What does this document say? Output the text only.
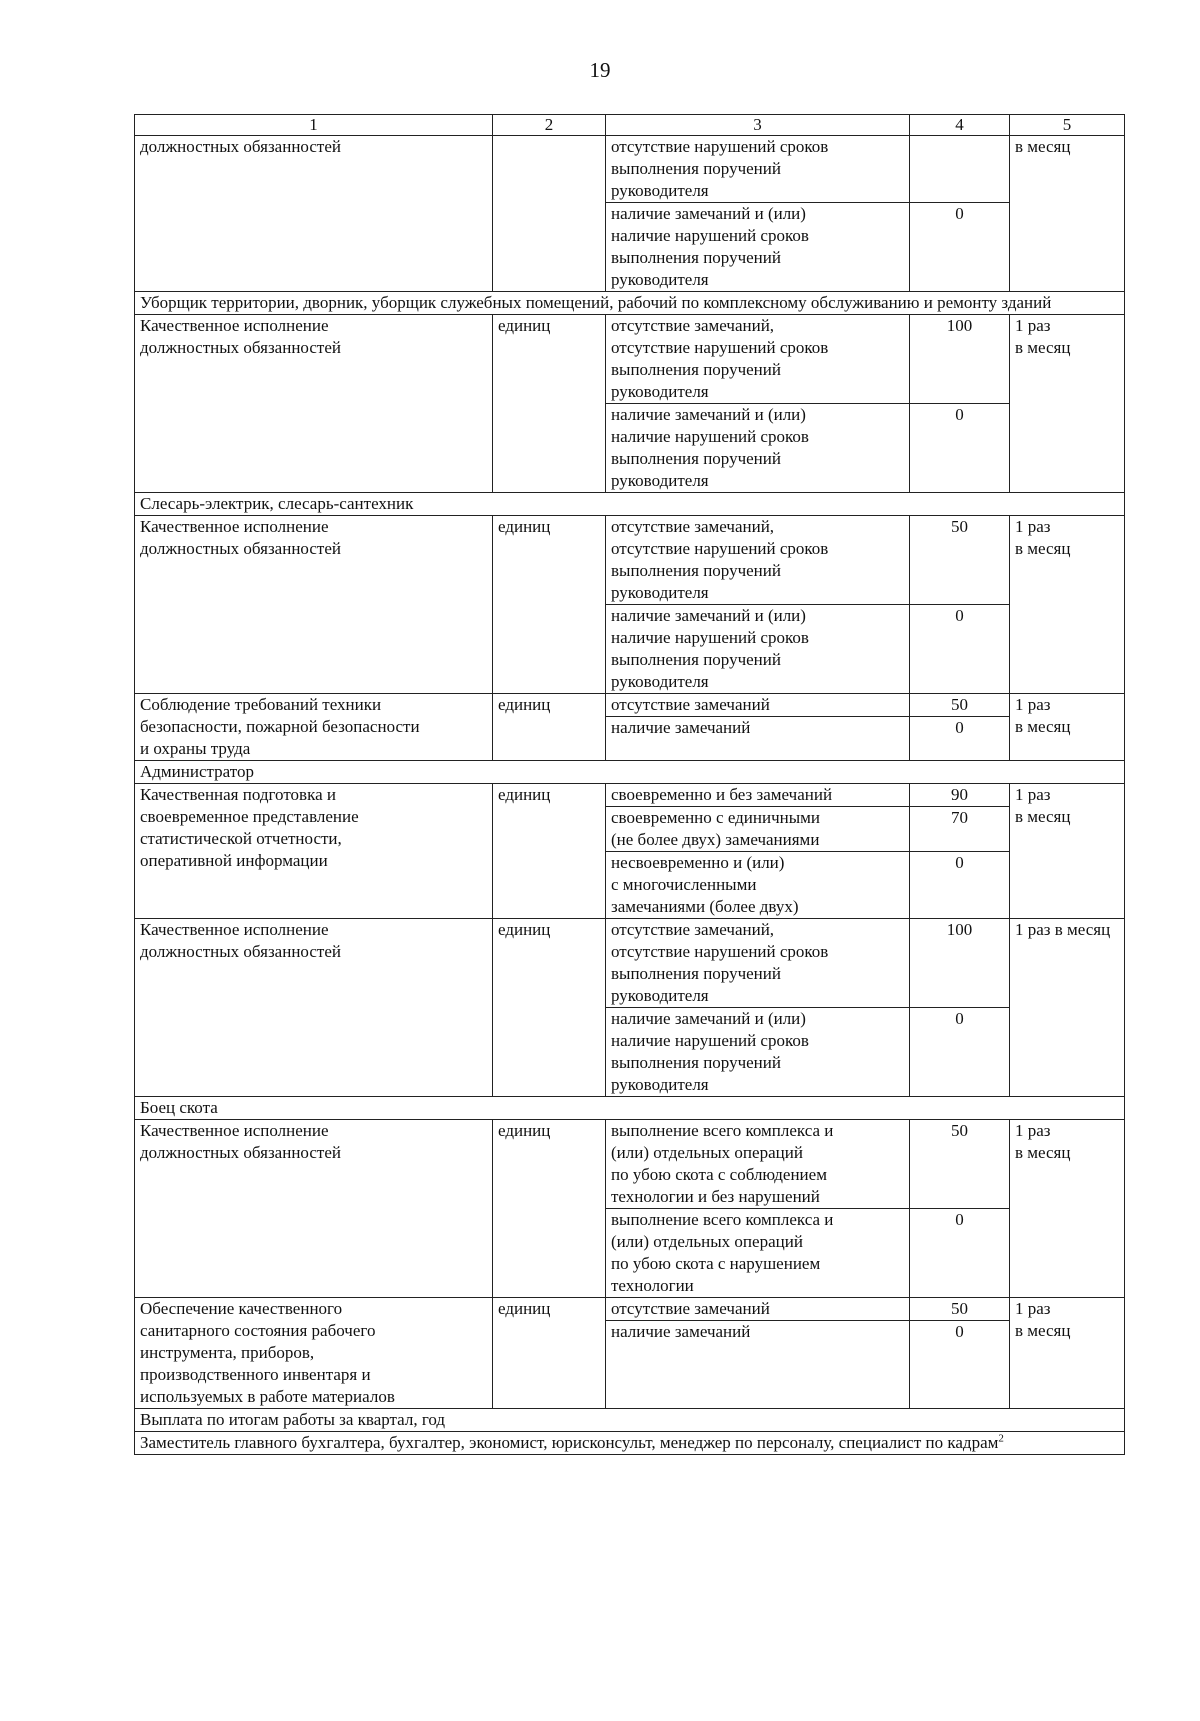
19
1	2	3	4	5
должностных обязанностей		отсутствие нарушений сроков
выполнения поручений
руководителя		в месяц
		наличие замечаний и (или)
наличие нарушений сроков
выполнения поручений
руководителя	0	
Уборщик территории, дворник, уборщик служебных помещений, рабочий по комплексному обслуживанию и ремонту зданий				
Качественное исполнение
должностных обязанностей	единиц	отсутствие замечаний,
отсутствие нарушений сроков
выполнения поручений
руководителя	100	1 раз
в месяц
		наличие замечаний и (или)
наличие нарушений сроков
выполнения поручений
руководителя	0	
Слесарь-электрик, слесарь-сантехник				
Качественное исполнение
должностных обязанностей	единиц	отсутствие замечаний,
отсутствие нарушений сроков
выполнения поручений
руководителя	50	1 раз
в месяц
		наличие замечаний и (или)
наличие нарушений сроков
выполнения поручений
руководителя	0	
Соблюдение требований техники
безопасности, пожарной безопасности
и охраны труда	единиц	отсутствие замечаний	50	1 раз
в месяц
		наличие замечаний	0	
Администратор				
Качественная подготовка и
своевременное представление
статистической отчетности,
оперативной информации	единиц	своевременно и без замечаний	90	1 раз
в месяц
		своевременно с единичными
(не более двух) замечаниями	70	
		несвоевременно и (или)
с многочисленными
замечаниями (более двух)	0	
Качественное исполнение
должностных обязанностей	единиц	отсутствие замечаний,
отсутствие нарушений сроков
выполнения поручений
руководителя	100	1 раз в месяц
		наличие замечаний и (или)
наличие нарушений сроков
выполнения поручений
руководителя	0	
Боец скота				
Качественное исполнение
должностных обязанностей	единиц	выполнение всего комплекса и
(или) отдельных операций
по убою скота с соблюдением
технологии и без нарушений	50	1 раз
в месяц
		выполнение всего комплекса и
(или) отдельных операций
по убою скота с нарушением
технологии	0	
Обеспечение качественного
санитарного состояния рабочего
инструмента, приборов,
производственного инвентаря и
используемых в работе материалов	единиц	отсутствие замечаний	50	1 раз
в месяц
		наличие замечаний	0	
Выплата по итогам работы за квартал, год				
Заместитель главного бухгалтера, бухгалтер, экономист, юрисконсульт, менеджер по персоналу, специалист по кадрам$^2$
